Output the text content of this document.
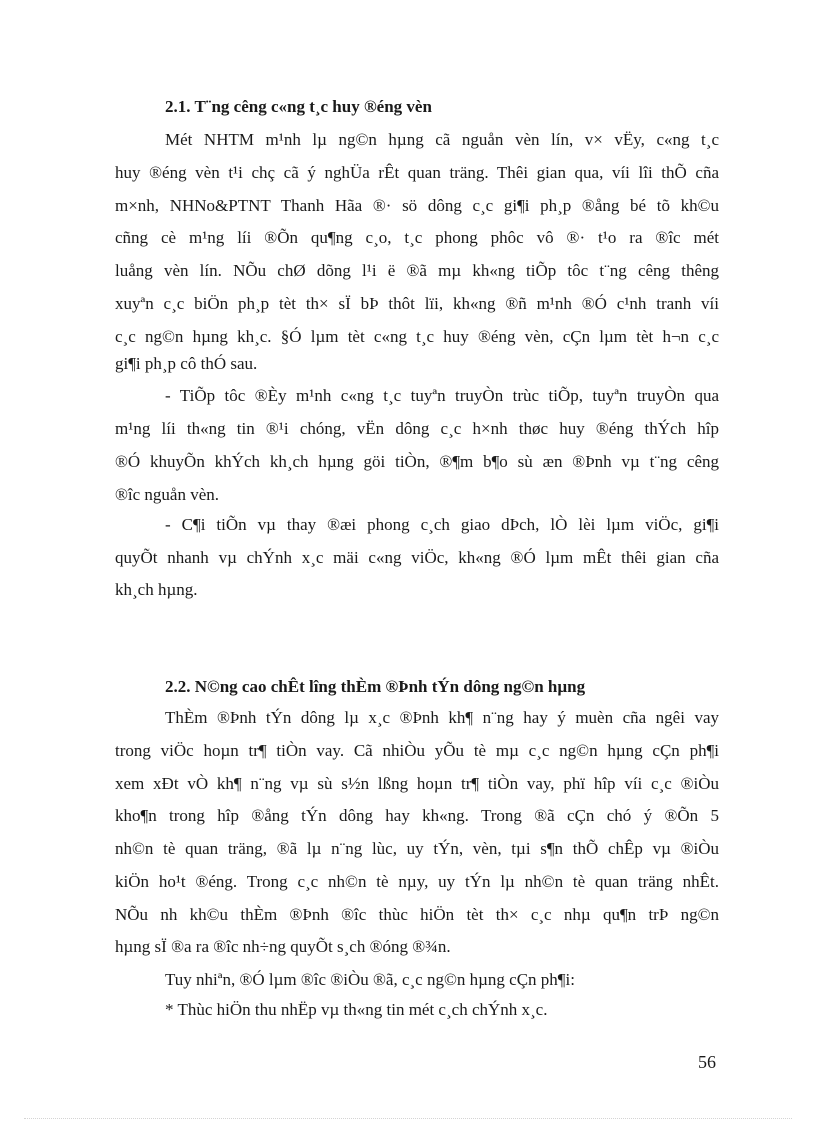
2.1. T¨ng cêng c«ng t¸c huy ®éng vèn
Mét NHTM m¹nh lµ ng©n hµng cã nguån vèn lín, v× vËy, c«ng t¸c
huy ®éng vèn t¹i chç cã ý nghÜa rÊt quan träng. Thêi gian qua, víi lîi thÕ cña
m×nh, NHNo&PTNT Thanh Hãa ®· sö dông c¸c gi¶i ph¸p ®ång bé tõ kh©u
cñng cè m¹ng líi ®Õn qu¶ng c¸o, t¸c phong phôc vô ®· t¹o ra ®îc mét
luång vèn lín. NÕu chØ dõng l¹i ë ®ã mµ kh«ng tiÕp tôc t¨ng cêng thêng
xuyªn c¸c biÖn ph¸p tèt th× sÏ bÞ thôt lïi, kh«ng ®ñ m¹nh ®Ó c¹nh tranh víi
c¸c ng©n hµng kh¸c. §Ó lµm tèt c«ng t¸c huy ®éng vèn, cÇn lµm tèt h¬n c¸c
gi¶i ph¸p cô thÓ sau.
- TiÕp tôc ®Èy m¹nh c«ng t¸c tuyªn truyÒn trùc tiÕp, tuyªn truyÒn qua
m¹ng líi th«ng tin ®¹i chóng, vËn dông c¸c h×nh thøc huy ®éng thÝch hîp
®Ó khuyÕn khÝch kh¸ch hµng göi tiÒn, ®¶m b¶o sù æn ®Þnh vµ t¨ng cêng
®îc nguån vèn.
- C¶i tiÕn vµ thay ®æi phong c¸ch giao dÞch, lÒ lèi lµm viÖc, gi¶i
quyÕt nhanh vµ chÝnh x¸c mäi c«ng viÖc, kh«ng ®Ó lµm mÊt thêi gian cña
kh¸ch hµng.
2.2. N©ng cao chÊt lîng thÈm ®Þnh tÝn dông ng©n hµng
ThÈm ®Þnh tÝn dông lµ x¸c ®Þnh kh¶ n¨ng hay ý muèn cña ngêi vay
trong viÖc hoµn tr¶ tiÒn vay. Cã nhiÒu yÕu tè mµ c¸c ng©n hµng cÇn ph¶i
xem xÐt vÒ kh¶ n¨ng vµ sù s½n lßng hoµn tr¶ tiÒn vay, phï hîp víi c¸c ®iÒu
kho¶n trong hîp ®ång tÝn dông hay kh«ng. Trong ®ã cÇn chó ý ®Õn 5
nh©n tè quan träng, ®ã lµ n¨ng lùc, uy tÝn, vèn, tµi s¶n thÕ chÊp vµ ®iÒu
kiÖn ho¹t ®éng. Trong c¸c nh©n tè nµy, uy tÝn lµ nh©n tè quan träng nhÊt.
NÕu nh kh©u thÈm ®Þnh ®îc thùc hiÖn tèt th× c¸c nhµ qu¶n trÞ ng©n
hµng sÏ ®a ra ®îc nh÷ng quyÕt s¸ch ®óng ®¾n.
Tuy nhiªn, ®Ó lµm ®îc ®iÒu ®ã, c¸c ng©n hµng cÇn ph¶i:
* Thùc hiÖn thu nhËp vµ th«ng tin mét c¸ch chÝnh x¸c.
56
